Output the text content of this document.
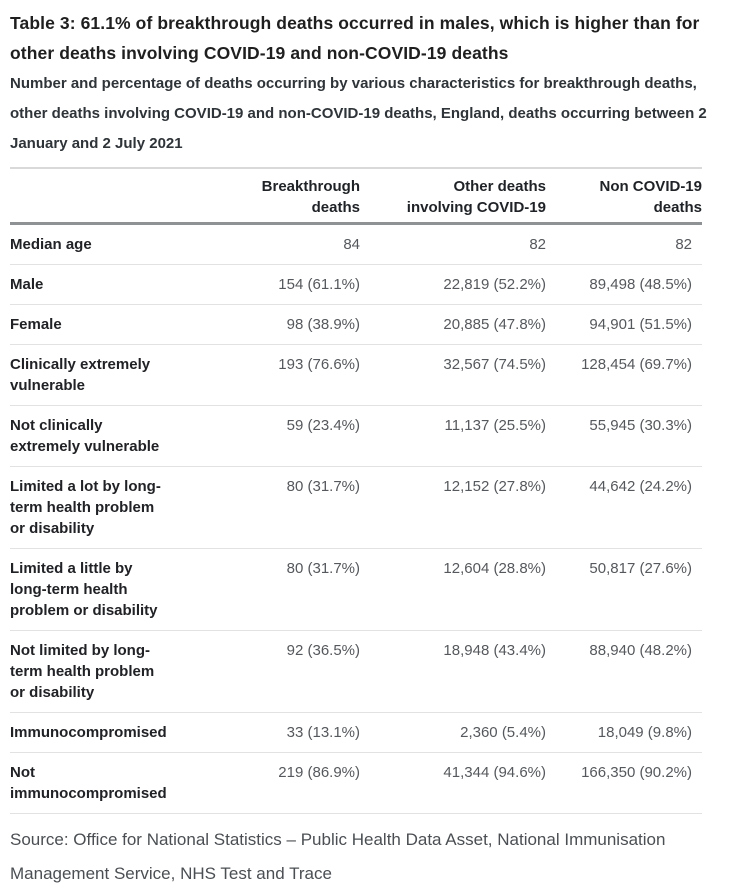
Table 3: 61.1% of breakthrough deaths occurred in males, which is higher than for other deaths involving COVID-19 and non-COVID-19 deaths

Number and percentage of deaths occurring by various characteristics for breakthrough deaths, other deaths involving COVID-19 and non-COVID-19 deaths, England, deaths occurring between 2 January and 2 July 2021

	Breakthrough deaths	Other deaths involving COVID-19	Non COVID-19 deaths
Median age	84	82	82
Male	154 (61.1%)	22,819 (52.2%)	89,498 (48.5%)
Female	98 (38.9%)	20,885 (47.8%)	94,901 (51.5%)
Clinically extremely vulnerable	193 (76.6%)	32,567 (74.5%)	128,454 (69.7%)
Not clinically extremely vulnerable	59 (23.4%)	11,137 (25.5%)	55,945 (30.3%)
Limited a lot by long-term health problem or disability	80 (31.7%)	12,152 (27.8%)	44,642 (24.2%)
Limited a little by long-term health problem or disability	80 (31.7%)	12,604 (28.8%)	50,817 (27.6%)
Not limited by long-term health problem or disability	92 (36.5%)	18,948 (43.4%)	88,940 (48.2%)
Immunocompromised	33 (13.1%)	2,360 (5.4%)	18,049 (9.8%)
Not immunocompromised	219 (86.9%)	41,344 (94.6%)	166,350 (90.2%)

Source: Office for National Statistics – Public Health Data Asset, National Immunisation Management Service, NHS Test and Trace
